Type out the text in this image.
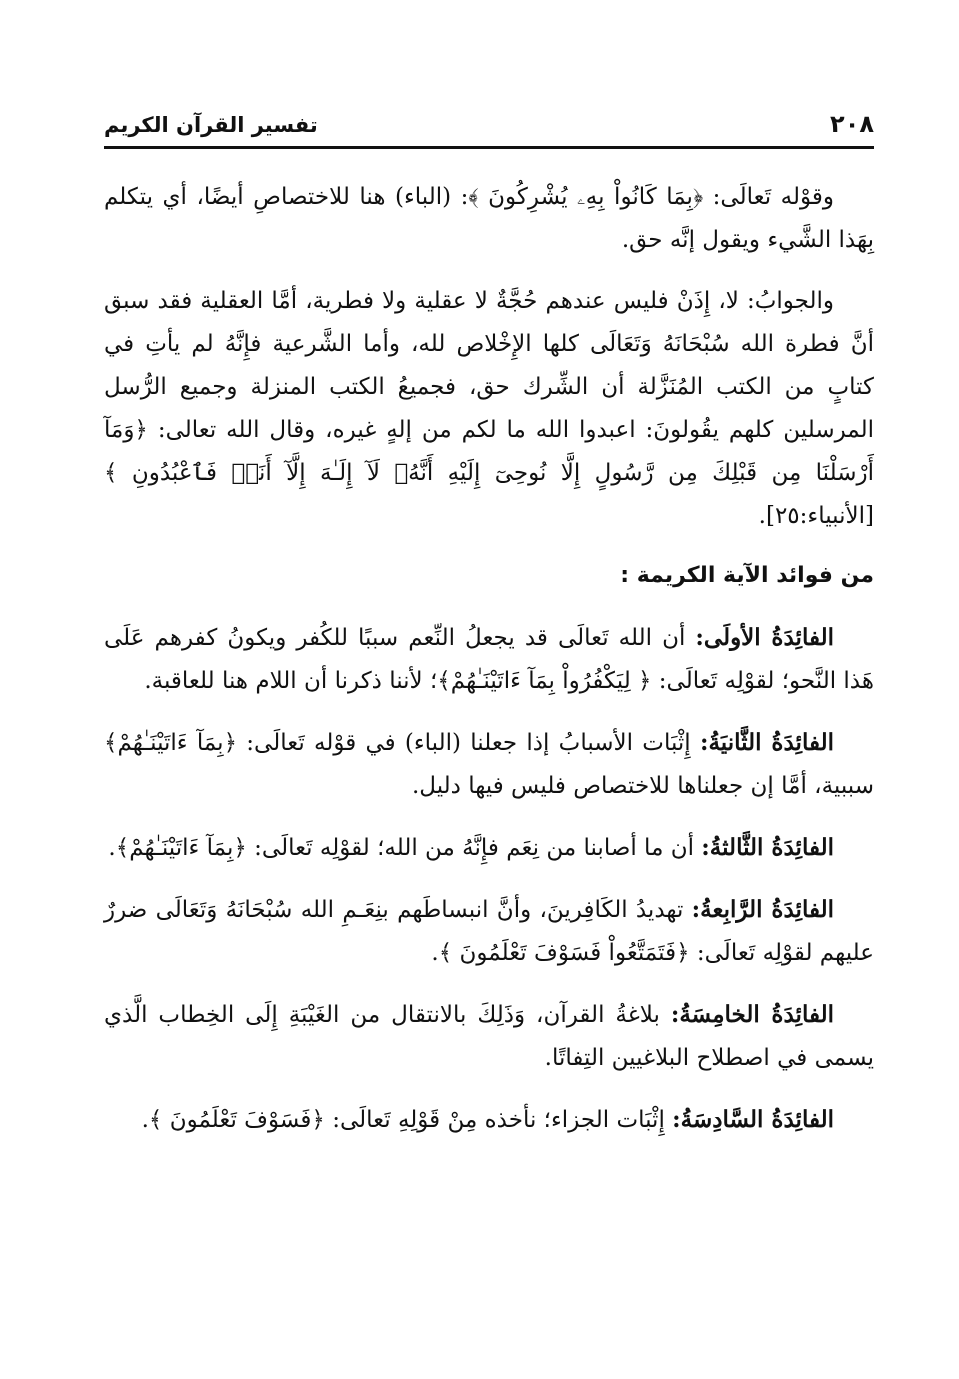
٢٠٨
تفسير القرآن الكريم

وقوْله تَعالَى: ﴿بِمَا كَانُواْ بِهِۦ يُشْرِكُونَ ﴾: (الباء) هنا للاختصاصِ أيضًا، أي يتكلم بِهَذا الشَّيء ويقول إنَّه حق.

والجوابُ: لا، إِذَنْ فليس عندهم حُجَّةٌ لا عقلية ولا فطرية، أمَّا العقلية فقد سبق أنَّ فطرة الله سُبْحَانَهُ وَتَعَالَى كلها الإِخْلاص لله، وأما الشَّرعية فإِنَّهُ لم يأتِ في كتابٍ من الكتب المُنَزَّلة أن الشِّرك حق، فجميعُ الكتب المنزلة وجميع الرُّسل المرسلين كلهم يقُولونَ: اعبدوا الله ما لكم من إلهٍ غيره، وقال الله تعالى: ﴿وَمَآ أَرْسَلْنَا مِن قَبْلِكَ مِن رَّسُولٍ إِلَّا نُوحِىٓ إِلَيْهِ أَنَّهُۥ لَآ إِلَـٰهَ إِلَّآ أَنَا۠ فَٱعْبُدُونِ ﴾ [الأنبياء:٢٥].

من فوائد الآية الكريمة :

الفائِدَةُ الأولَى: أن الله تَعالَى قد يجعلُ النِّعم سببًا للكُفر ويكونُ كفرهم عَلَى هَذا النَّحو؛ لقوْلِه تَعالَى: ﴿ لِيَكْفُرُواْ بِمَآ ءَاتَيْنَـٰهُمْ﴾؛ لأننا ذكرنا أن اللام هنا للعاقبة.

الفائِدَةُ الثَّانيَةُ: إِثْبَات الأسبابُ إذا جعلنا (الباء) في قوْله تَعالَى: ﴿بِمَآ ءَاتَيْنَـٰهُمْ﴾ سببية، أمَّا إن جعلناها للاختصاص فليس فيها دليل.

الفائِدَةُ الثَّالثةُ: أن ما أصابنا من نِعَم فإِنَّهُ من الله؛ لقوْلِه تَعالَى: ﴿بِمَآ ءَاتَيْنَـٰهُمْ﴾.

الفائِدَةُ الرَّابِعةُ: تهديدُ الكَافِرينَ، وأنَّ انبساطَهم بنِعَـمِ الله سُبْحَانَهُ وَتَعَالَى ضررٌ عليهم لقوْلِه تَعالَى: ﴿فَتَمَتَّعُواْ فَسَوْفَ تَعْلَمُونَ ﴾.

الفائِدَةُ الخامِسَةُ: بلاغةُ القرآن، وَذَلِكَ بالانتقال من الغَيْبَةِ إِلَى الخِطاب الَّذي يسمى في اصطلاح البلاغيين التِفاتًا.

الفائِدَةُ السَّادِسَةُ: إِثْبَات الجزاء؛ نأخذه مِنْ قَوْلِهِ تَعالَى: ﴿فَسَوْفَ تَعْلَمُونَ ﴾.
